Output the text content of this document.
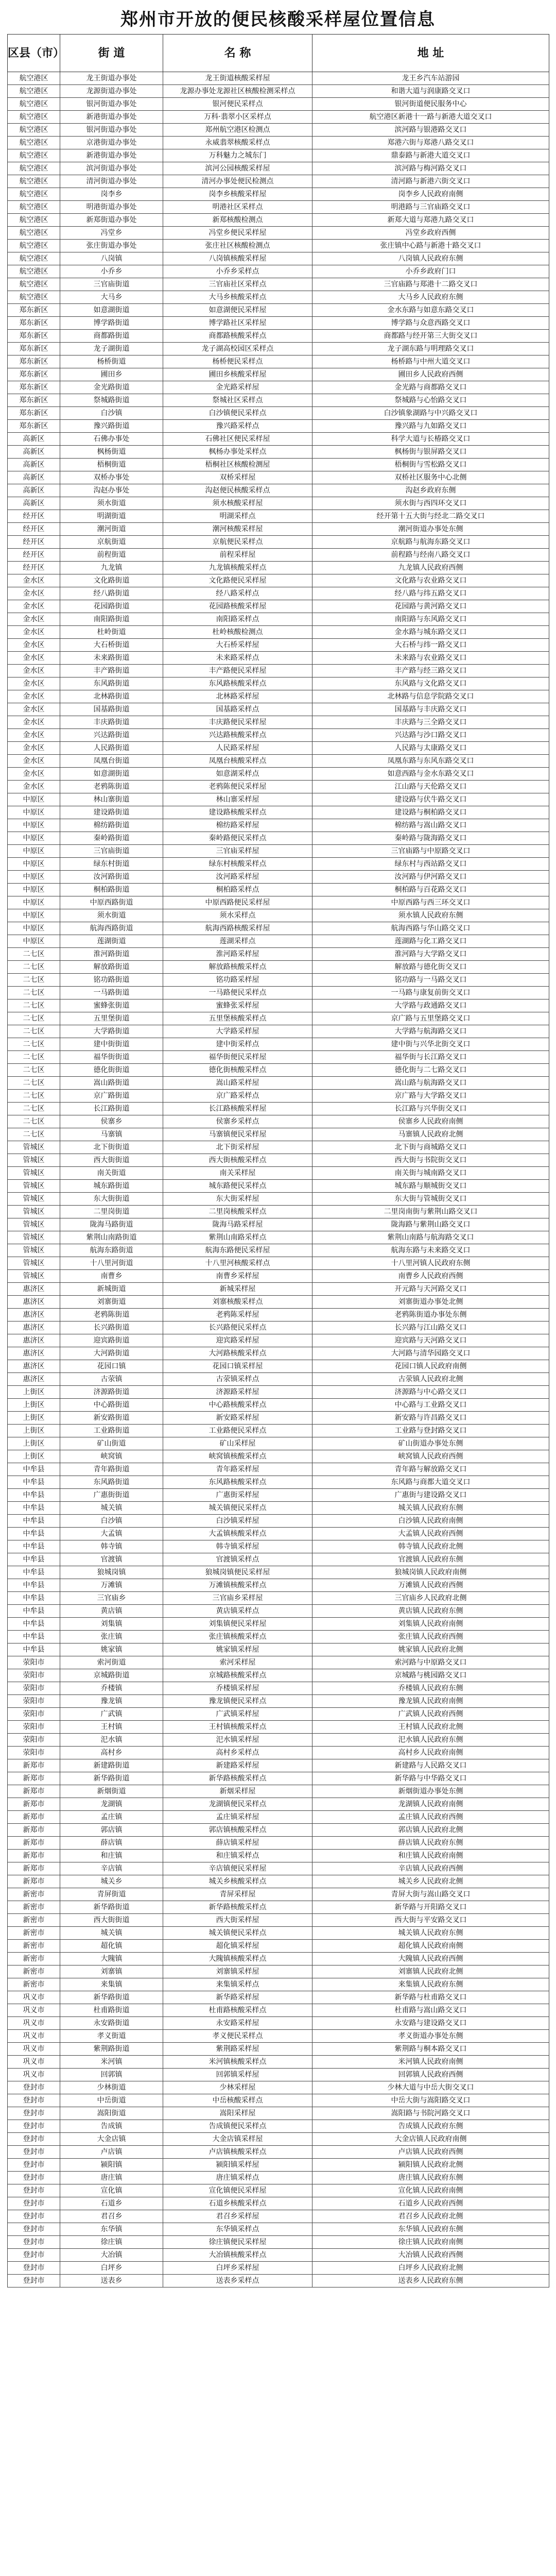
郑州市开放的便民核酸采样屋位置信息
区县（市）	街 道	名 称	地 址
航空港区	龙王街道办事处	龙王街道核酸采样屋	龙王乡汽车站游园
航空港区	龙源街道办事处	龙源办事处龙源社区核酸检测采样点	和谐大道与润康路交叉口
航空港区	银河街道办事处	银河便民采样点	银河街道便民服务中心
航空港区	新港街道办事处	万科·翡翠小区采样点	航空港区新港十一路与新港大道交叉口
航空港区	银河街道办事处	郑州航空港区检测点	滨河路与银港路交叉口
航空港区	京港街道办事处	永威翡翠核酸采样点	郑港六街与郑港八路交叉口
航空港区	新港街道办事处	万科魅力之城东门	鼎泰路与新港大道交叉口
航空港区	滨河街道办事处	滨河公园核酸采样屋	滨河路与梅河路交叉口
航空港区	清河街道办事处	清河办事处便民检测点	清河路与新港六街交叉口
航空港区	岗李乡	岗李乡核酸采样屋	岗李乡人民政府南侧
航空港区	明港街道办事处	明港社区采样点	明港路与三官庙路交叉口
航空港区	新郑街道办事处	新郑核酸检测点	新郑大道与郑港九路交叉口
航空港区	冯堂乡	冯堂乡便民采样屋	冯堂乡政府西侧
航空港区	张庄街道办事处	张庄社区核酸检测点	张庄镇中心路与新港十路交叉口
航空港区	八岗镇	八岗镇核酸采样屋	八岗镇人民政府东侧
航空港区	小乔乡	小乔乡采样点	小乔乡政府门口
航空港区	三官庙街道	三官庙社区采样点	三官庙路与郑港十二路交叉口
航空港区	大马乡	大马乡核酸采样点	大马乡人民政府东侧
郑东新区	如意湖街道	如意湖便民采样屋	金水东路与如意东路交叉口
郑东新区	博学路街道	博学路社区采样屋	博学路与众意西路交叉口
郑东新区	商都路街道	商都路核酸采样点	商都路与经开第三大街交叉口
郑东新区	龙子湖街道	龙子湖高校园区采样点	龙子湖东路与明理路交叉口
郑东新区	杨桥街道	杨桥便民采样点	杨桥路与中州大道交叉口
郑东新区	圃田乡	圃田乡核酸采样屋	圃田乡人民政府西侧
郑东新区	金光路街道	金光路采样屋	金光路与商都路交叉口
郑东新区	祭城路街道	祭城社区采样点	祭城路与心怡路交叉口
郑东新区	白沙镇	白沙镇便民采样点	白沙镇象湖路与中兴路交叉口
郑东新区	豫兴路街道	豫兴路采样点	豫兴路与九如路交叉口
高新区	石佛办事处	石佛社区便民采样屋	科学大道与长椿路交叉口
高新区	枫杨街道	枫杨办事处采样点	枫杨街与银屏路交叉口
高新区	梧桐街道	梧桐社区核酸检测屋	梧桐街与雪松路交叉口
高新区	双桥办事处	双桥采样屋	双桥社区服务中心北侧
高新区	沟赵办事处	沟赵便民核酸采样点	沟赵乡政府东侧
高新区	须水街道	须水核酸采样屋	须水街与西四环交叉口
经开区	明湖街道	明湖采样点	经开第十五大街与经北二路交叉口
经开区	潮河街道	潮河核酸采样屋	潮河街道办事处东侧
经开区	京航街道	京航便民采样点	京航路与航海东路交叉口
经开区	前程街道	前程采样屋	前程路与经南八路交叉口
经开区	九龙镇	九龙镇核酸采样点	九龙镇人民政府西侧
金水区	文化路街道	文化路便民采样屋	文化路与农业路交叉口
金水区	经八路街道	经八路采样点	经八路与纬五路交叉口
金水区	花园路街道	花园路核酸采样屋	花园路与黄河路交叉口
金水区	南阳路街道	南阳路采样点	南阳路与东风路交叉口
金水区	杜岭街道	杜岭核酸检测点	金水路与城东路交叉口
金水区	大石桥街道	大石桥采样屋	大石桥与纬一路交叉口
金水区	未来路街道	未来路采样点	未来路与农业路交叉口
金水区	丰产路街道	丰产路便民采样屋	丰产路与经三路交叉口
金水区	东风路街道	东风路核酸采样点	东风路与文化路交叉口
金水区	北林路街道	北林路采样屋	北林路与信息学院路交叉口
金水区	国基路街道	国基路采样点	国基路与丰庆路交叉口
金水区	丰庆路街道	丰庆路便民采样屋	丰庆路与三全路交叉口
金水区	兴达路街道	兴达路核酸采样点	兴达路与沙口路交叉口
金水区	人民路街道	人民路采样屋	人民路与太康路交叉口
金水区	凤凰台街道	凤凰台核酸采样点	凤凰东路与东风东路交叉口
金水区	如意湖街道	如意湖采样点	如意西路与金水东路交叉口
金水区	老鸦陈街道	老鸦陈便民采样屋	江山路与天伦路交叉口
中原区	林山寨街道	林山寨采样屋	建设路与伏牛路交叉口
中原区	建设路街道	建设路核酸采样点	建设路与桐柏路交叉口
中原区	棉纺路街道	棉纺路采样屋	棉纺路与嵩山路交叉口
中原区	秦岭路街道	秦岭路便民采样点	秦岭路与陇海路交叉口
中原区	三官庙街道	三官庙采样屋	三官庙路与中原路交叉口
中原区	绿东村街道	绿东村核酸采样点	绿东村与西站路交叉口
中原区	汝河路街道	汝河路采样屋	汝河路与伊河路交叉口
中原区	桐柏路街道	桐柏路采样点	桐柏路与百花路交叉口
中原区	中原西路街道	中原西路便民采样屋	中原西路与西三环交叉口
中原区	须水街道	须水采样点	须水镇人民政府东侧
中原区	航海西路街道	航海西路核酸采样屋	航海西路与华山路交叉口
中原区	莲湖街道	莲湖采样点	莲湖路与化工路交叉口
二七区	淮河路街道	淮河路采样屋	淮河路与大学路交叉口
二七区	解放路街道	解放路核酸采样点	解放路与德化街交叉口
二七区	铭功路街道	铭功路采样屋	铭功路与一马路交叉口
二七区	一马路街道	一马路便民采样点	一马路与康复前街交叉口
二七区	蜜蜂张街道	蜜蜂张采样屋	大学路与政通路交叉口
二七区	五里堡街道	五里堡核酸采样点	京广路与五里堡路交叉口
二七区	大学路街道	大学路采样屋	大学路与航海路交叉口
二七区	建中街街道	建中街采样点	建中街与兴华北街交叉口
二七区	福华街街道	福华街便民采样屋	福华街与长江路交叉口
二七区	德化街街道	德化街核酸采样点	德化街与二七路交叉口
二七区	嵩山路街道	嵩山路采样屋	嵩山路与航海路交叉口
二七区	京广路街道	京广路采样点	京广路与大学路交叉口
二七区	长江路街道	长江路核酸采样屋	长江路与兴华街交叉口
二七区	侯寨乡	侯寨乡采样点	侯寨乡人民政府南侧
二七区	马寨镇	马寨镇便民采样屋	马寨镇人民政府北侧
管城区	北下街街道	北下街采样屋	北下街与商城路交叉口
管城区	西大街街道	西大街核酸采样点	西大街与书院街交叉口
管城区	南关街道	南关采样屋	南关街与城南路交叉口
管城区	城东路街道	城东路便民采样点	城东路与顺城街交叉口
管城区	东大街街道	东大街采样屋	东大街与管城街交叉口
管城区	二里岗街道	二里岗核酸采样点	二里岗南街与紫荆山路交叉口
管城区	陇海马路街道	陇海马路采样屋	陇海路与紫荆山路交叉口
管城区	紫荆山南路街道	紫荆山南路采样点	紫荆山南路与航海路交叉口
管城区	航海东路街道	航海东路便民采样屋	航海东路与未来路交叉口
管城区	十八里河街道	十八里河核酸采样点	十八里河镇人民政府东侧
管城区	南曹乡	南曹乡采样屋	南曹乡人民政府西侧
惠济区	新城街道	新城采样屋	开元路与天河路交叉口
惠济区	刘寨街道	刘寨核酸采样点	刘寨街道办事处北侧
惠济区	老鸦陈街道	老鸦陈采样屋	老鸦陈街道办事处东侧
惠济区	长兴路街道	长兴路便民采样点	长兴路与江山路交叉口
惠济区	迎宾路街道	迎宾路采样屋	迎宾路与天河路交叉口
惠济区	大河路街道	大河路核酸采样点	大河路与清华园路交叉口
惠济区	花园口镇	花园口镇采样屋	花园口镇人民政府南侧
惠济区	古荥镇	古荥镇采样点	古荥镇人民政府北侧
上街区	济源路街道	济源路采样屋	济源路与中心路交叉口
上街区	中心路街道	中心路核酸采样点	中心路与工业路交叉口
上街区	新安路街道	新安路采样屋	新安路与许昌路交叉口
上街区	工业路街道	工业路便民采样点	工业路与登封路交叉口
上街区	矿山街道	矿山采样屋	矿山街道办事处东侧
上街区	峡窝镇	峡窝镇核酸采样点	峡窝镇人民政府西侧
中牟县	青年路街道	青年路采样屋	青年路与解放路交叉口
中牟县	东风路街道	东风路核酸采样点	东风路与商都大道交叉口
中牟县	广惠街街道	广惠街采样屋	广惠街与建设路交叉口
中牟县	城关镇	城关镇便民采样点	城关镇人民政府东侧
中牟县	白沙镇	白沙镇采样屋	白沙镇人民政府南侧
中牟县	大孟镇	大孟镇核酸采样点	大孟镇人民政府西侧
中牟县	韩寺镇	韩寺镇采样屋	韩寺镇人民政府北侧
中牟县	官渡镇	官渡镇采样点	官渡镇人民政府东侧
中牟县	狼城岗镇	狼城岗镇便民采样屋	狼城岗镇人民政府南侧
中牟县	万滩镇	万滩镇核酸采样点	万滩镇人民政府西侧
中牟县	三官庙乡	三官庙乡采样屋	三官庙乡人民政府北侧
中牟县	黄店镇	黄店镇采样点	黄店镇人民政府东侧
中牟县	刘集镇	刘集镇便民采样屋	刘集镇人民政府南侧
中牟县	张庄镇	张庄镇核酸采样点	张庄镇人民政府西侧
中牟县	姚家镇	姚家镇采样屋	姚家镇人民政府北侧
荥阳市	索河街道	索河采样屋	索河路与中原路交叉口
荥阳市	京城路街道	京城路核酸采样点	京城路与桃园路交叉口
荥阳市	乔楼镇	乔楼镇采样屋	乔楼镇人民政府东侧
荥阳市	豫龙镇	豫龙镇便民采样点	豫龙镇人民政府南侧
荥阳市	广武镇	广武镇采样屋	广武镇人民政府西侧
荥阳市	王村镇	王村镇核酸采样点	王村镇人民政府北侧
荥阳市	汜水镇	汜水镇采样屋	汜水镇人民政府东侧
荥阳市	高村乡	高村乡采样点	高村乡人民政府南侧
新郑市	新建路街道	新建路采样屋	新建路与人民路交叉口
新郑市	新华路街道	新华路核酸采样点	新华路与中华路交叉口
新郑市	新烟街道	新烟采样屋	新烟街道办事处东侧
新郑市	龙湖镇	龙湖镇便民采样点	龙湖镇人民政府南侧
新郑市	孟庄镇	孟庄镇采样屋	孟庄镇人民政府西侧
新郑市	郭店镇	郭店镇核酸采样点	郭店镇人民政府北侧
新郑市	薛店镇	薛店镇采样屋	薛店镇人民政府东侧
新郑市	和庄镇	和庄镇采样点	和庄镇人民政府南侧
新郑市	辛店镇	辛店镇便民采样屋	辛店镇人民政府西侧
新郑市	城关乡	城关乡核酸采样点	城关乡人民政府北侧
新密市	青屏街道	青屏采样屋	青屏大街与嵩山路交叉口
新密市	新华路街道	新华路核酸采样点	新华路与开阳路交叉口
新密市	西大街街道	西大街采样屋	西大街与平安路交叉口
新密市	城关镇	城关镇便民采样点	城关镇人民政府东侧
新密市	超化镇	超化镇采样屋	超化镇人民政府南侧
新密市	大隗镇	大隗镇核酸采样点	大隗镇人民政府西侧
新密市	刘寨镇	刘寨镇采样屋	刘寨镇人民政府北侧
新密市	来集镇	来集镇采样点	来集镇人民政府东侧
巩义市	新华路街道	新华路采样屋	新华路与杜甫路交叉口
巩义市	杜甫路街道	杜甫路核酸采样点	杜甫路与嵩山路交叉口
巩义市	永安路街道	永安路采样屋	永安路与建设路交叉口
巩义市	孝义街道	孝义便民采样点	孝义街道办事处东侧
巩义市	紫荆路街道	紫荆路采样屋	紫荆路与桐本路交叉口
巩义市	米河镇	米河镇核酸采样点	米河镇人民政府南侧
巩义市	回郭镇	回郭镇采样屋	回郭镇人民政府西侧
登封市	少林街道	少林采样屋	少林大道与中岳大街交叉口
登封市	中岳街道	中岳核酸采样点	中岳大街与嵩阳路交叉口
登封市	嵩阳街道	嵩阳采样屋	嵩阳路与书院河路交叉口
登封市	告成镇	告成镇便民采样点	告成镇人民政府东侧
登封市	大金店镇	大金店镇采样屋	大金店镇人民政府南侧
登封市	卢店镇	卢店镇核酸采样点	卢店镇人民政府西侧
登封市	颍阳镇	颍阳镇采样屋	颍阳镇人民政府北侧
登封市	唐庄镇	唐庄镇采样点	唐庄镇人民政府东侧
登封市	宣化镇	宣化镇便民采样屋	宣化镇人民政府南侧
登封市	石道乡	石道乡核酸采样点	石道乡人民政府西侧
登封市	君召乡	君召乡采样屋	君召乡人民政府北侧
登封市	东华镇	东华镇采样点	东华镇人民政府东侧
登封市	徐庄镇	徐庄镇便民采样屋	徐庄镇人民政府南侧
登封市	大冶镇	大冶镇核酸采样点	大冶镇人民政府西侧
登封市	白坪乡	白坪乡采样屋	白坪乡人民政府北侧
登封市	送表乡	送表乡采样点	送表乡人民政府东侧
